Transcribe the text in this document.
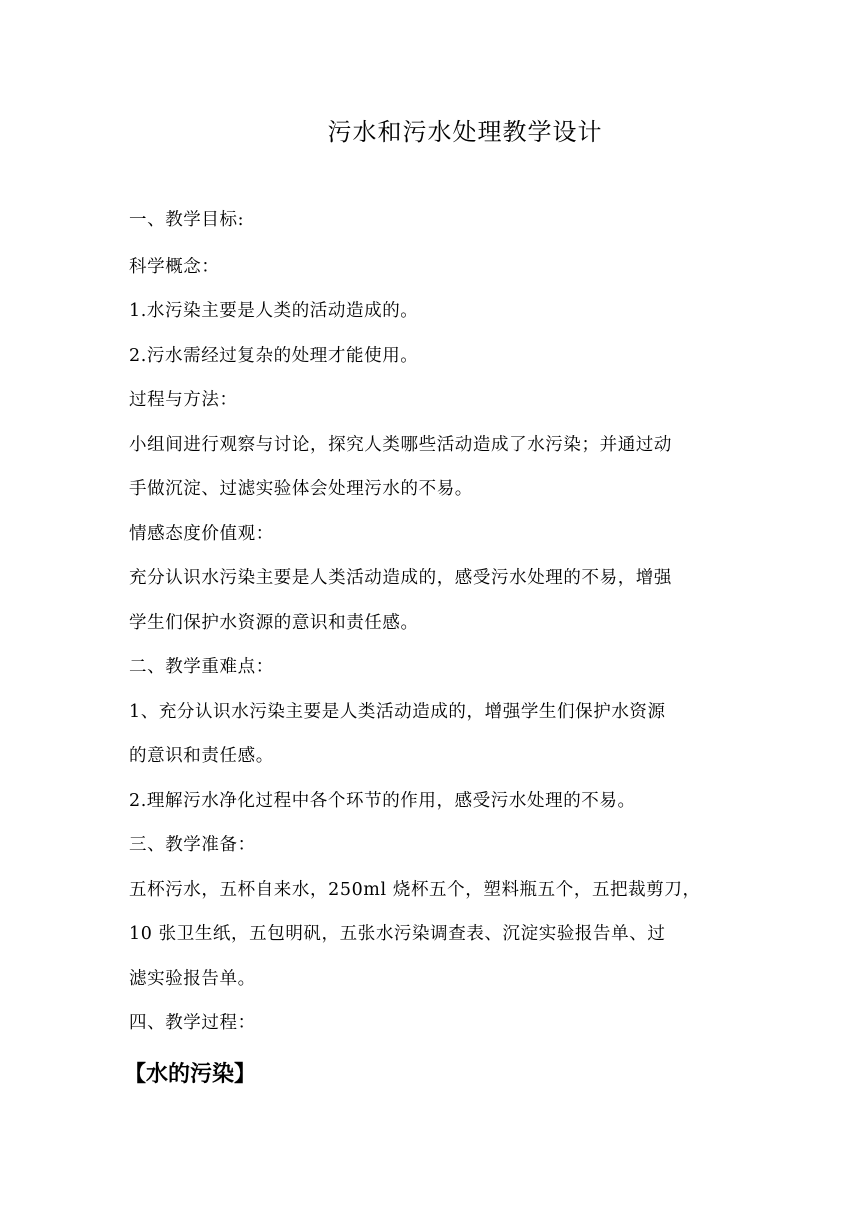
污水和污水处理教学设计
一、教学目标:
科学概念：
1.水污染主要是人类的活动造成的。
2.污水需经过复杂的处理才能使用。
过程与方法：
小组间进行观察与讨论，探究人类哪些活动造成了水污染；并通过动
手做沉淀、过滤实验体会处理污水的不易。
情感态度价值观：
充分认识水污染主要是人类活动造成的，感受污水处理的不易，增强
学生们保护水资源的意识和责任感。
二、教学重难点：
1、充分认识水污染主要是人类活动造成的，增强学生们保护水资源
的意识和责任感。
2.理解污水净化过程中各个环节的作用，感受污水处理的不易。
三、教学准备：
五杯污水，五杯自来水，250ml 烧杯五个，塑料瓶五个，五把裁剪刀，
10 张卫生纸，五包明矾，五张水污染调查表、沉淀实验报告单、过
滤实验报告单。
四、教学过程：
【水的污染】
